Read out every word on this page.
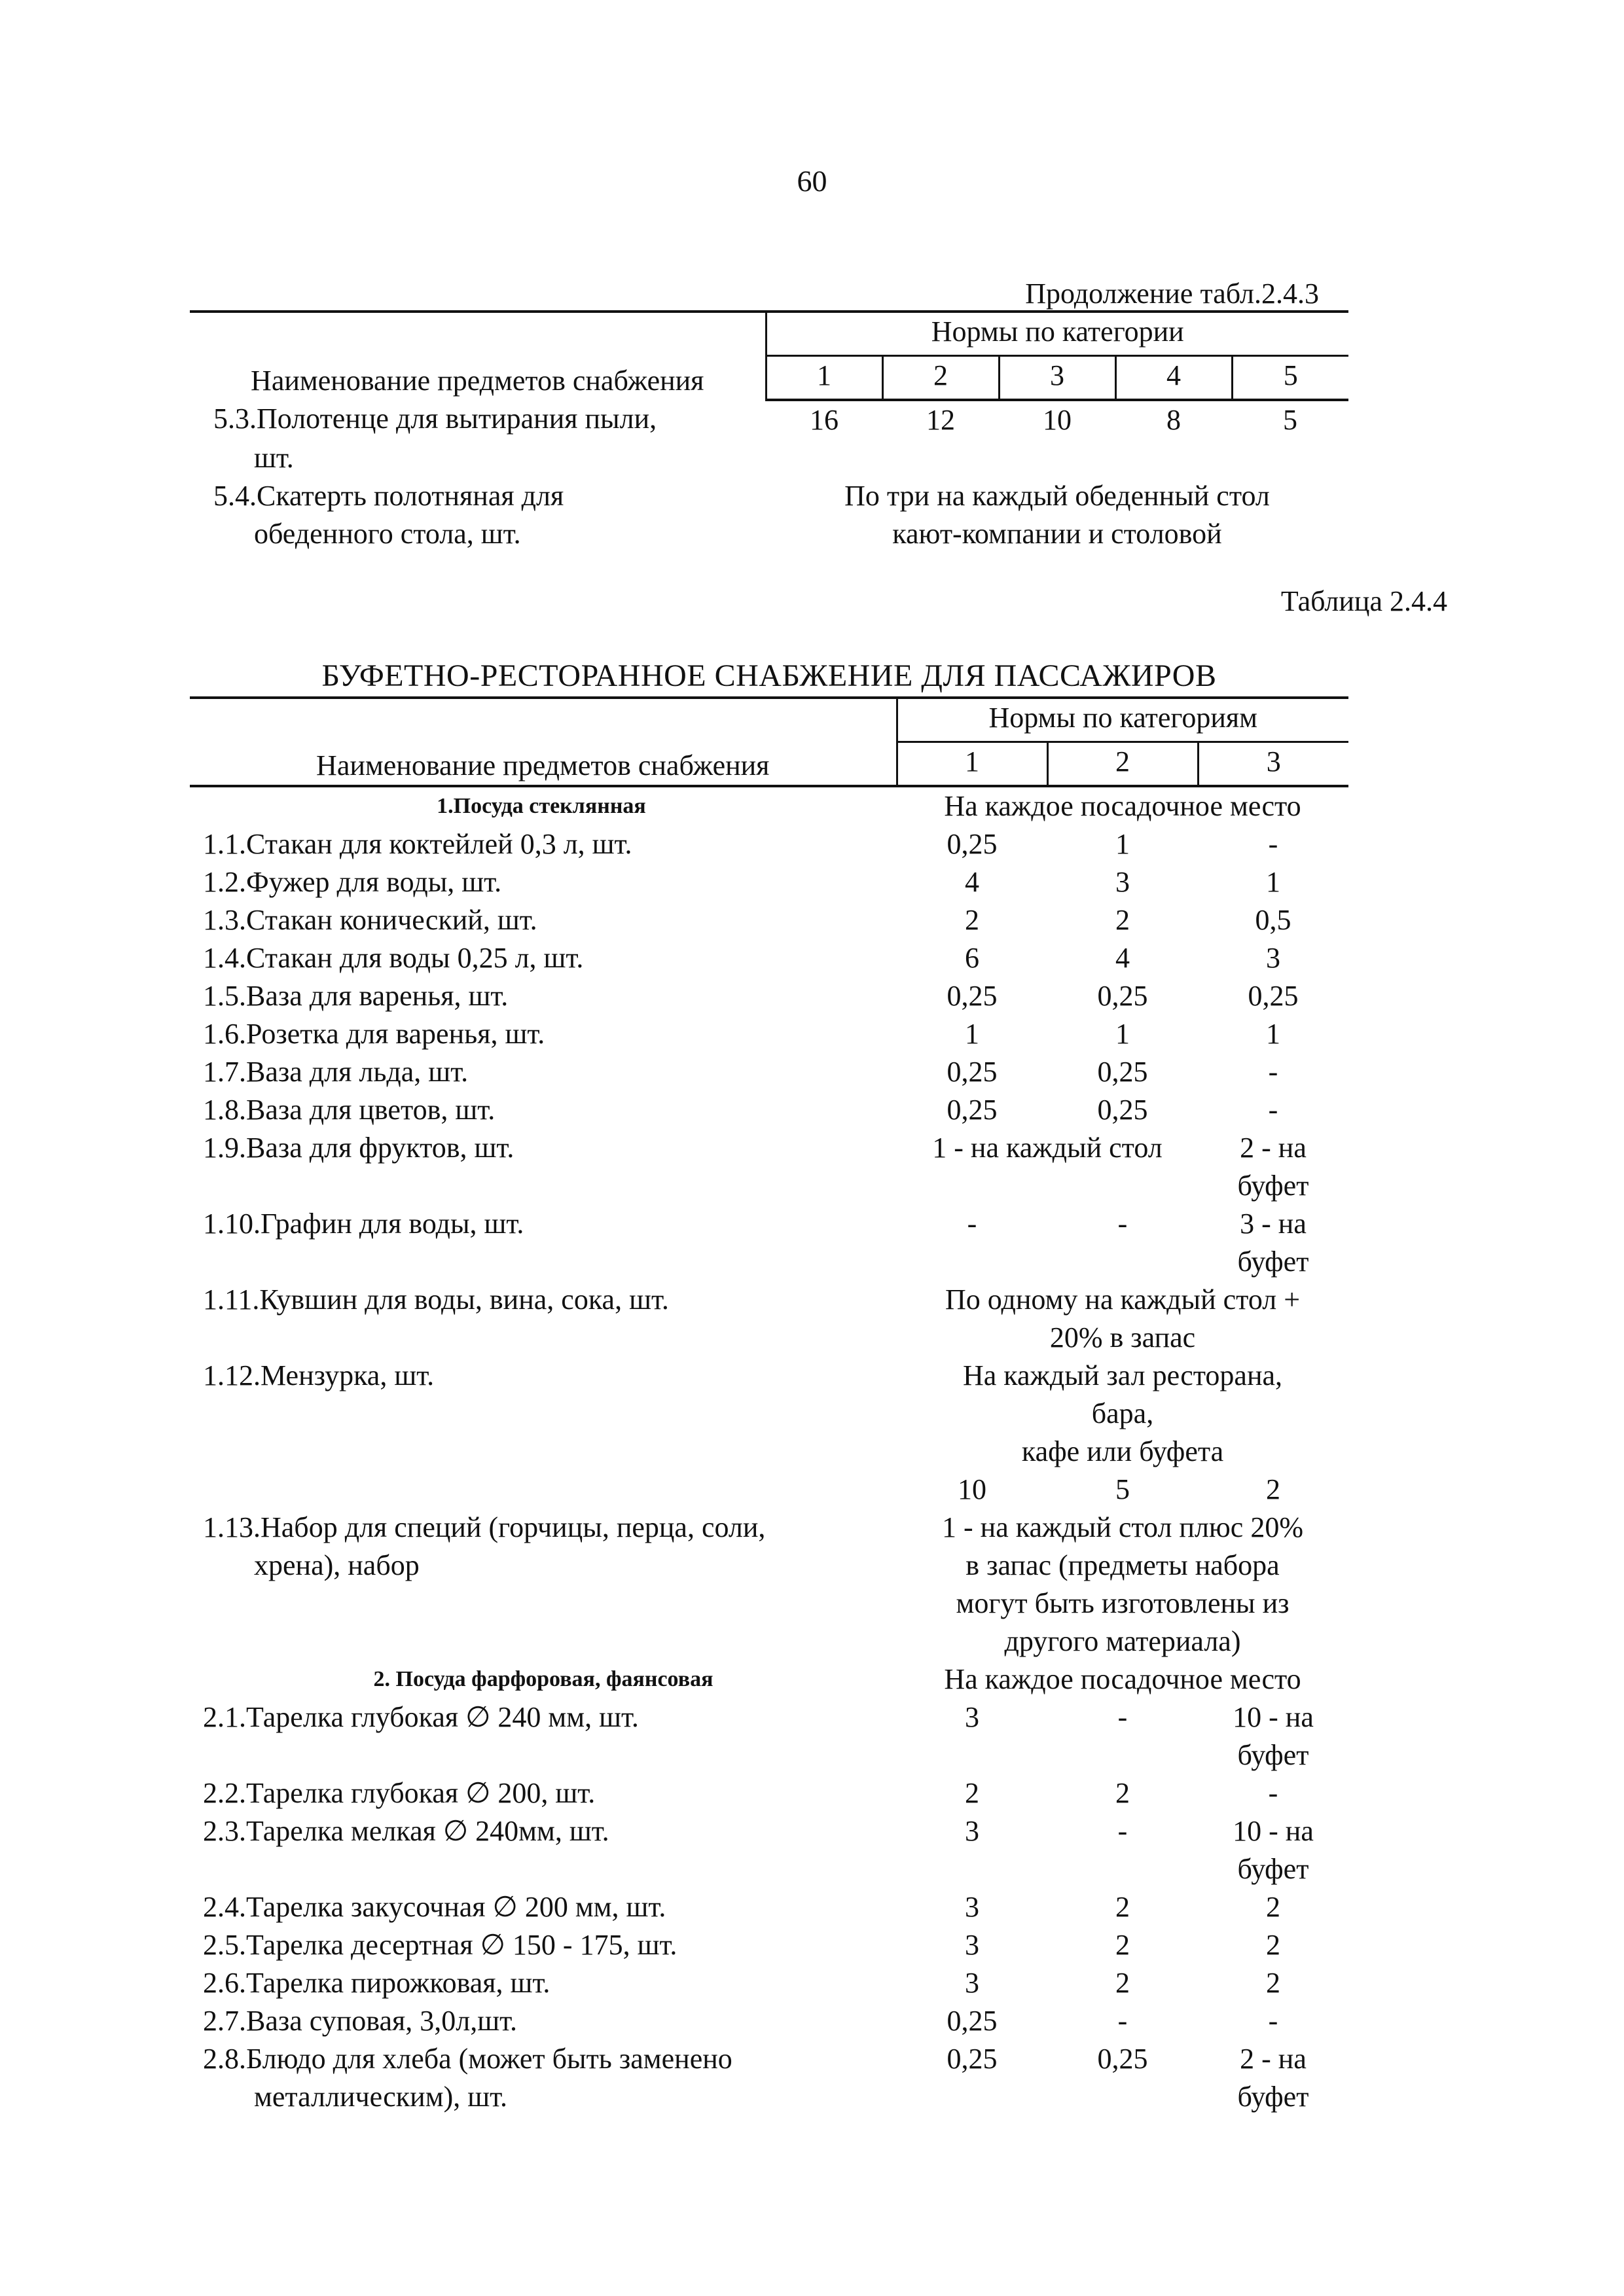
60
Продолжение табл.2.4.3
Наименование предметов снабжения	Нормы по категории				
	1	2	3	4	5
5.3.Полотенце для вытирания пыли,	16	12	10	8	5
шт.					
5.4.Скатерть полотняная для	По три на каждый обеденный стол				
обеденного стола, шт.	кают-компании и столовой				
Таблица 2.4.4
БУФЕТНО-РЕСТОРАННОЕ СНАБЖЕНИЕ ДЛЯ ПАССАЖИРОВ
Наименование предметов снабжения	Нормы по категориям		
	1	2	3
1.Посуда стеклянная	На каждое посадочное место		
1.1.Стакан для коктейлей 0,3 л, шт.	0,25	1	-
1.2.Фужер для воды, шт.	4	3	1
1.3.Стакан конический, шт.	2	2	0,5
1.4.Стакан для воды 0,25 л, шт.	6	4	3
1.5.Ваза для варенья, шт.	0,25	0,25	0,25
1.6.Розетка для варенья, шт.	1	1	1
1.7.Ваза для льда, шт.	0,25	0,25	-
1.8.Ваза для цветов, шт.	0,25	0,25	-
1.9.Ваза для фруктов, шт.	1 - на каждый стол		2 - на
			буфет
1.10.Графин для воды, шт.	-	-	3 - на
			буфет
1.11.Кувшин для воды, вина, сока, шт.	По одному на каждый стол +		
	20% в запас		
1.12.Мензурка, шт.	На каждый зал ресторана,		
	бара,		
	кафе или буфета		
	10	5	2
1.13.Набор для специй (горчицы, перца, соли,	1 - на каждый стол плюс 20%		
хрена), набор	в запас (предметы набора		
	могут быть изготовлены из		
	другого материала)		
2. Посуда фарфоровая, фаянсовая	На каждое посадочное место		
2.1.Тарелка глубокая ∅ 240 мм, шт.	3	-	10 - на
			буфет
2.2.Тарелка глубокая ∅ 200, шт.	2	2	-
2.3.Тарелка мелкая ∅ 240мм, шт.	3	-	10 - на
			буфет
2.4.Тарелка закусочная ∅ 200 мм, шт.	3	2	2
2.5.Тарелка десертная ∅ 150 - 175, шт.	3	2	2
2.6.Тарелка пирожковая, шт.	3	2	2
2.7.Ваза суповая, 3,0л,шт.	0,25	-	-
2.8.Блюдо для хлеба (может быть заменено	0,25	0,25	2 - на
металлическим), шт.			буфет
